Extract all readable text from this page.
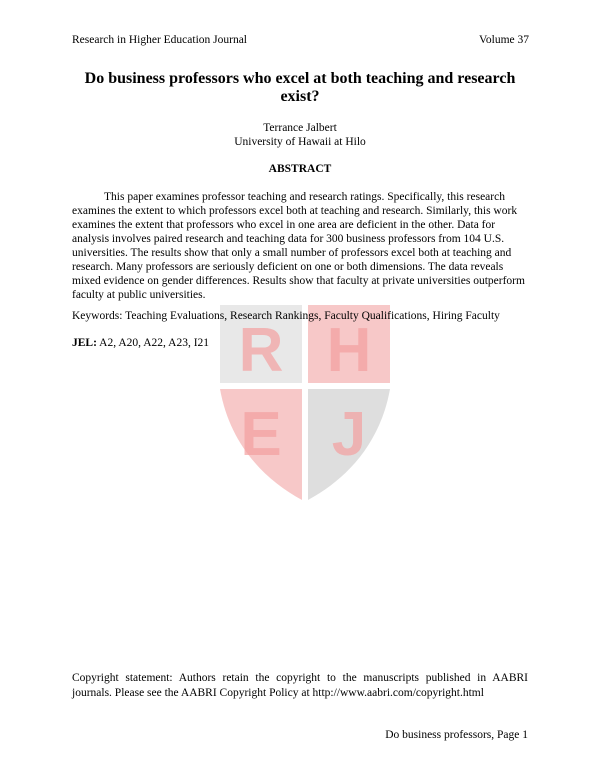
Research in Higher Education Journal	Volume 37
R H
E J
Do business professors who excel at both teaching and research exist?
Terrance Jalbert
University of Hawaii at Hilo
ABSTRACT
This paper examines professor teaching and research ratings. Specifically, this research examines the extent to which professors excel both at teaching and research. Similarly, this work examines the extent that professors who excel in one area are deficient in the other. Data for analysis involves paired research and teaching data for 300 business professors from 104 U.S. universities. The results show that only a small number of professors excel both at teaching and research. Many professors are seriously deficient on one or both dimensions. The data reveals mixed evidence on gender differences. Results show that faculty at private universities outperform faculty at public universities.
Keywords: Teaching Evaluations, Research Rankings, Faculty Qualifications, Hiring Faculty
JEL: A2, A20, A22, A23, I21
Copyright statement: Authors retain the copyright to the manuscripts published in AABRI journals. Please see the AABRI Copyright Policy at http://www.aabri.com/copyright.html
Do business professors, Page 1
